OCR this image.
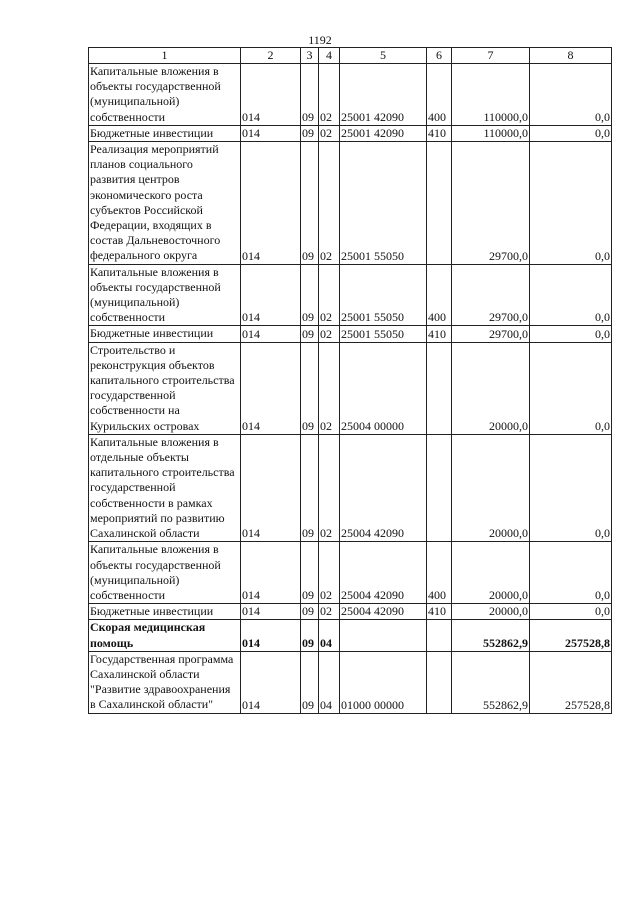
1192
1	2	3	4	5	6	7	8
Капитальные вложения в объекты государственной (муниципальной) собственности	014	09	02	25001 42090	400	110000,0	0,0
Бюджетные инвестиции	014	09	02	25001 42090	410	110000,0	0,0
Реализация мероприятий планов социального развития центров экономического роста субъектов Российской Федерации, входящих в состав Дальневосточного федерального округа	014	09	02	25001 55050		29700,0	0,0
Капитальные вложения в объекты государственной (муниципальной) собственности	014	09	02	25001 55050	400	29700,0	0,0
Бюджетные инвестиции	014	09	02	25001 55050	410	29700,0	0,0
Строительство и реконструкция объектов капитального строительства государственной собственности на Курильских островах	014	09	02	25004 00000		20000,0	0,0
Капитальные вложения в отдельные объекты капитального строительства государственной собственности в рамках мероприятий по развитию Сахалинской области	014	09	02	25004 42090		20000,0	0,0
Капитальные вложения в объекты государственной (муниципальной) собственности	014	09	02	25004 42090	400	20000,0	0,0
Бюджетные инвестиции	014	09	02	25004 42090	410	20000,0	0,0
Скорая медицинская помощь	014	09	04			552862,9	257528,8
Государственная программа Сахалинской области "Развитие здравоохранения в Сахалинской области"	014	09	04	01000 00000		552862,9	257528,8
